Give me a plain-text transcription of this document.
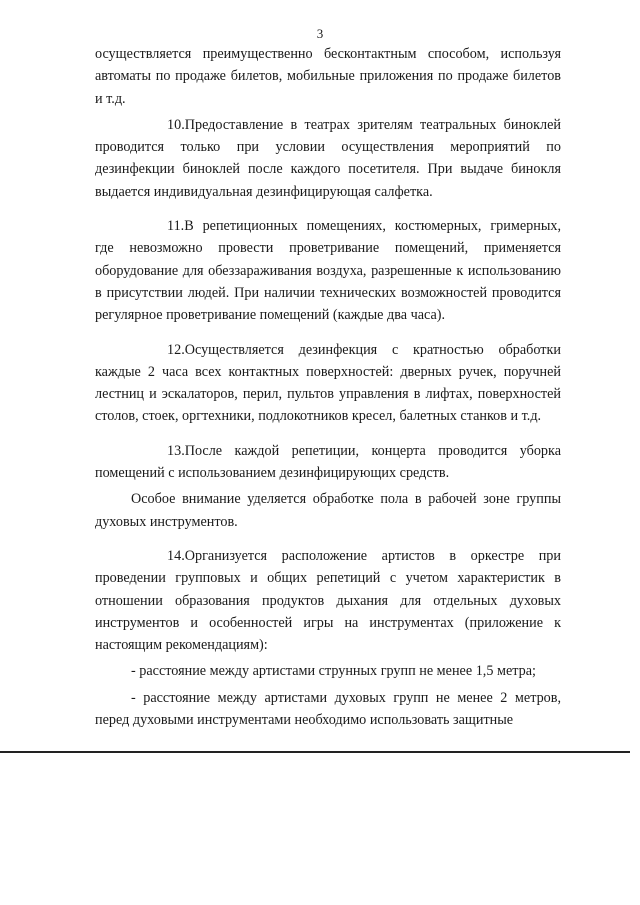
3

осуществляется преимущественно бесконтактным способом, используя автоматы по продаже билетов, мобильные приложения по продаже билетов и т.д.

10.Предоставление в театрах зрителям театральных биноклей проводится только при условии осуществления мероприятий по дезинфекции биноклей после каждого посетителя. При выдаче бинокля выдается индивидуальная дезинфицирующая салфетка.

11.В репетиционных помещениях, костюмерных, гримерных, где невозможно провести проветривание помещений, применяется оборудование для обеззараживания воздуха, разрешенные к использованию в присутствии людей. При наличии технических возможностей проводится регулярное проветривание помещений (каждые два часа).

12.Осуществляется дезинфекция с кратностью обработки каждые 2 часа всех контактных поверхностей: дверных ручек, поручней лестниц и эскалаторов, перил, пультов управления в лифтах, поверхностей столов, стоек, оргтехники, подлокотников кресел, балетных станков и т.д.

13.После каждой репетиции, концерта проводится уборка помещений с использованием дезинфицирующих средств.

Особое внимание уделяется обработке пола в рабочей зоне группы духовых инструментов.

14.Организуется расположение артистов в оркестре при проведении групповых и общих репетиций с учетом характеристик в отношении образования продуктов дыхания для отдельных духовых инструментов и особенностей игры на инструментах (приложение к настоящим рекомендациям):

- расстояние между артистами струнных групп не менее 1,5 метра;

- расстояние между артистами духовых групп не менее 2 метров, перед духовыми инструментами необходимо использовать защитные
